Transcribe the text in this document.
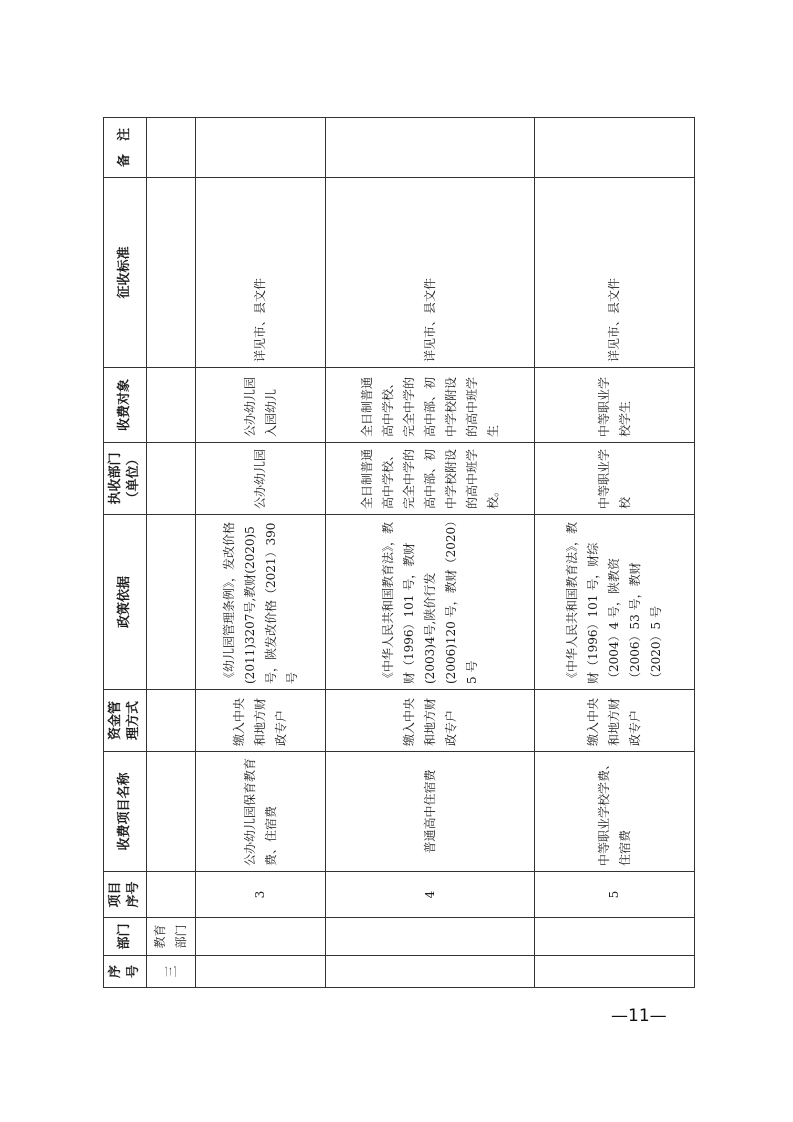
序号	部门	项目序号	收费项目名称	资金管理方式	政策依据	执收部门（单位）	收费对象	征收标准	备　注
三	教育部门								
		3	公办幼儿园保育教育费、住宿费	缴入中央和地方财政专户	《幼儿园管理条例》，发改价格(2011)3207号,教财(2020)5号，陕发改价格（2021）390号	公办幼儿园	公办幼儿园入园幼儿	详见市、县文件	
		4	普通高中住宿费	缴入中央和地方财政专户	《中华人民共和国教育法》，教财（1996）101 号，教财(2003)4号,陕价行发(2006)120 号，教财（2020）5 号	全日制普通高中学校、完全中学的高中部、初中学校附设的高中班学校。	全日制普通高中学校、完全中学的高中部、初中学校附设的高中班学生	详见市、县文件	
		5	中等职业学校学费、住宿费	缴入中央和地方财政专户	《中华人民共和国教育法》，教财（1996）101 号，财综（2004）4 号，陕教资（2006）53 号，教财（2020）5 号	中等职业学校	中等职业学校学生	详见市、县文件	
—11—
